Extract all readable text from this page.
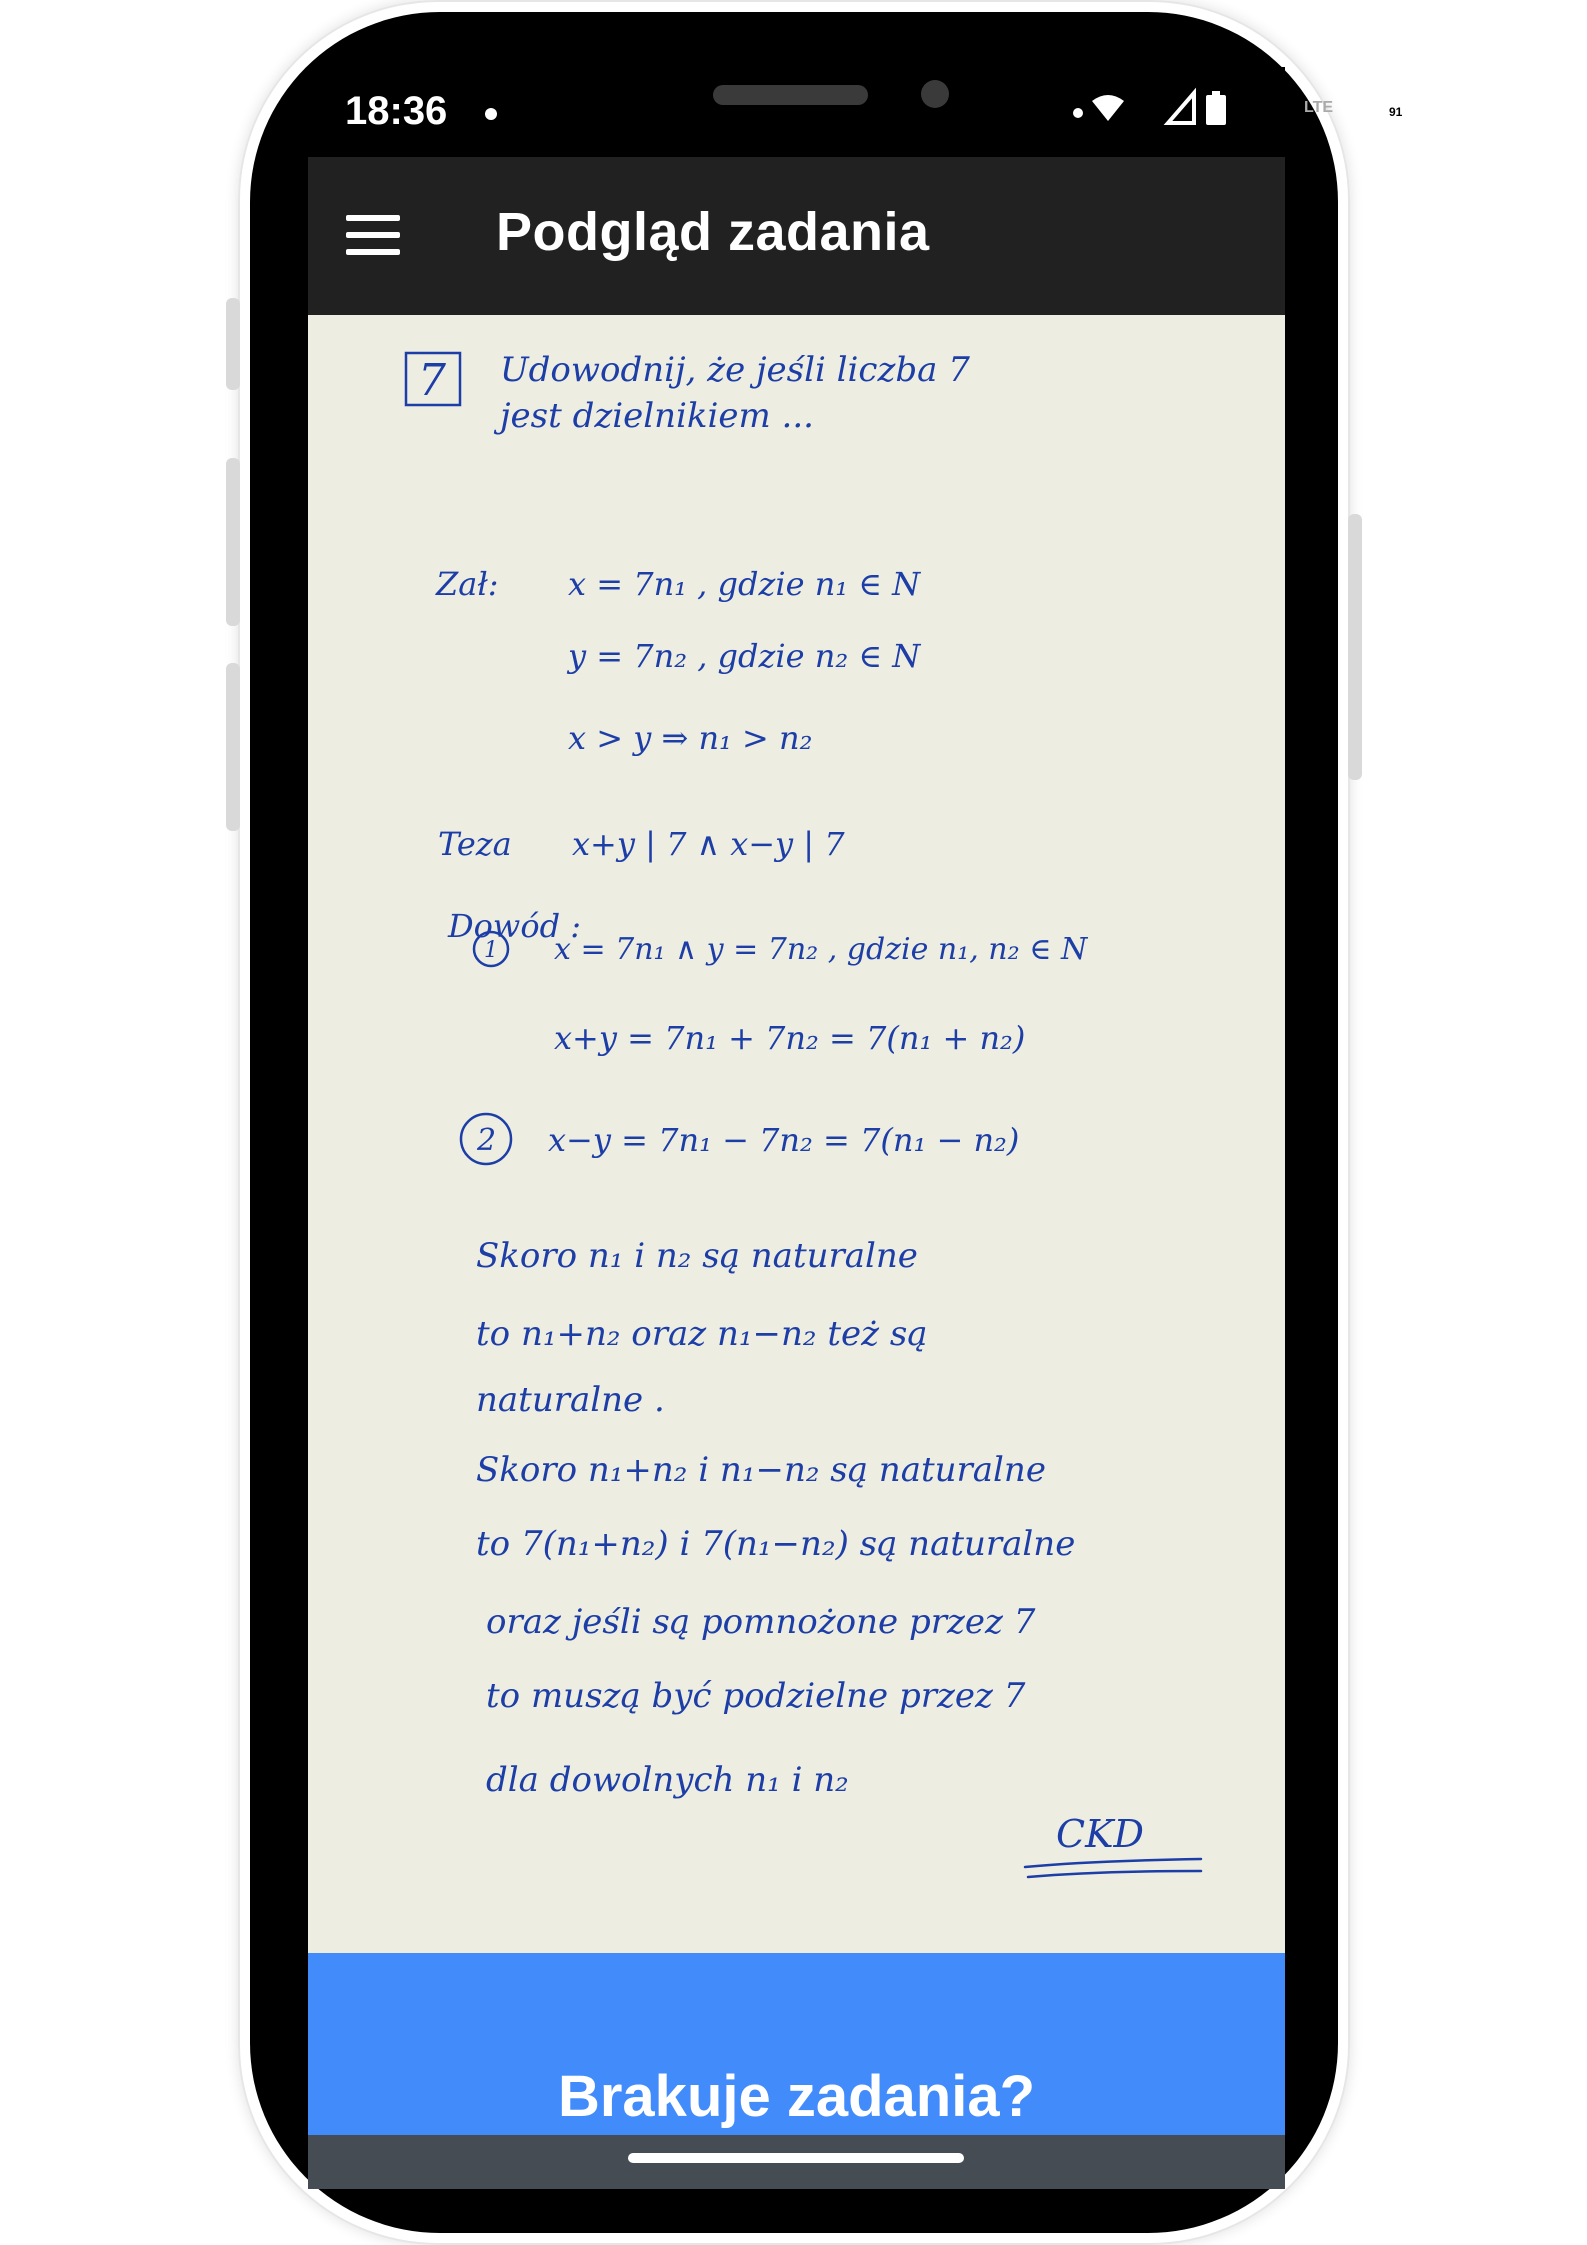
18:36	LTE	91
Podgląd zadania
7 Udowodnij, że jeśli liczba 7
jest dzielnikiem ...
Zał: x = 7n₁ , gdzie n₁ ∈ N
y = 7n₂ , gdzie n₂ ∈ N
x > y ⇒ n₁ > n₂
Teza x+y | 7 ∧ x−y | 7
Dowód :
1 x = 7n₁ ∧ y = 7n₂ , gdzie n₁, n₂ ∈ N
x+y = 7n₁ + 7n₂ = 7(n₁ + n₂)
2 x−y = 7n₁ − 7n₂ = 7(n₁ − n₂)
Skoro n₁ i n₂ są naturalne
to n₁+n₂ oraz n₁−n₂ też są
naturalne .
Skoro n₁+n₂ i n₁−n₂ są naturalne
to 7(n₁+n₂) i 7(n₁−n₂) są naturalne
oraz jeśli są pomnożone przez 7
to muszą być podzielne przez 7
dla dowolnych n₁ i n₂
CKD
Brakuje zadania?
